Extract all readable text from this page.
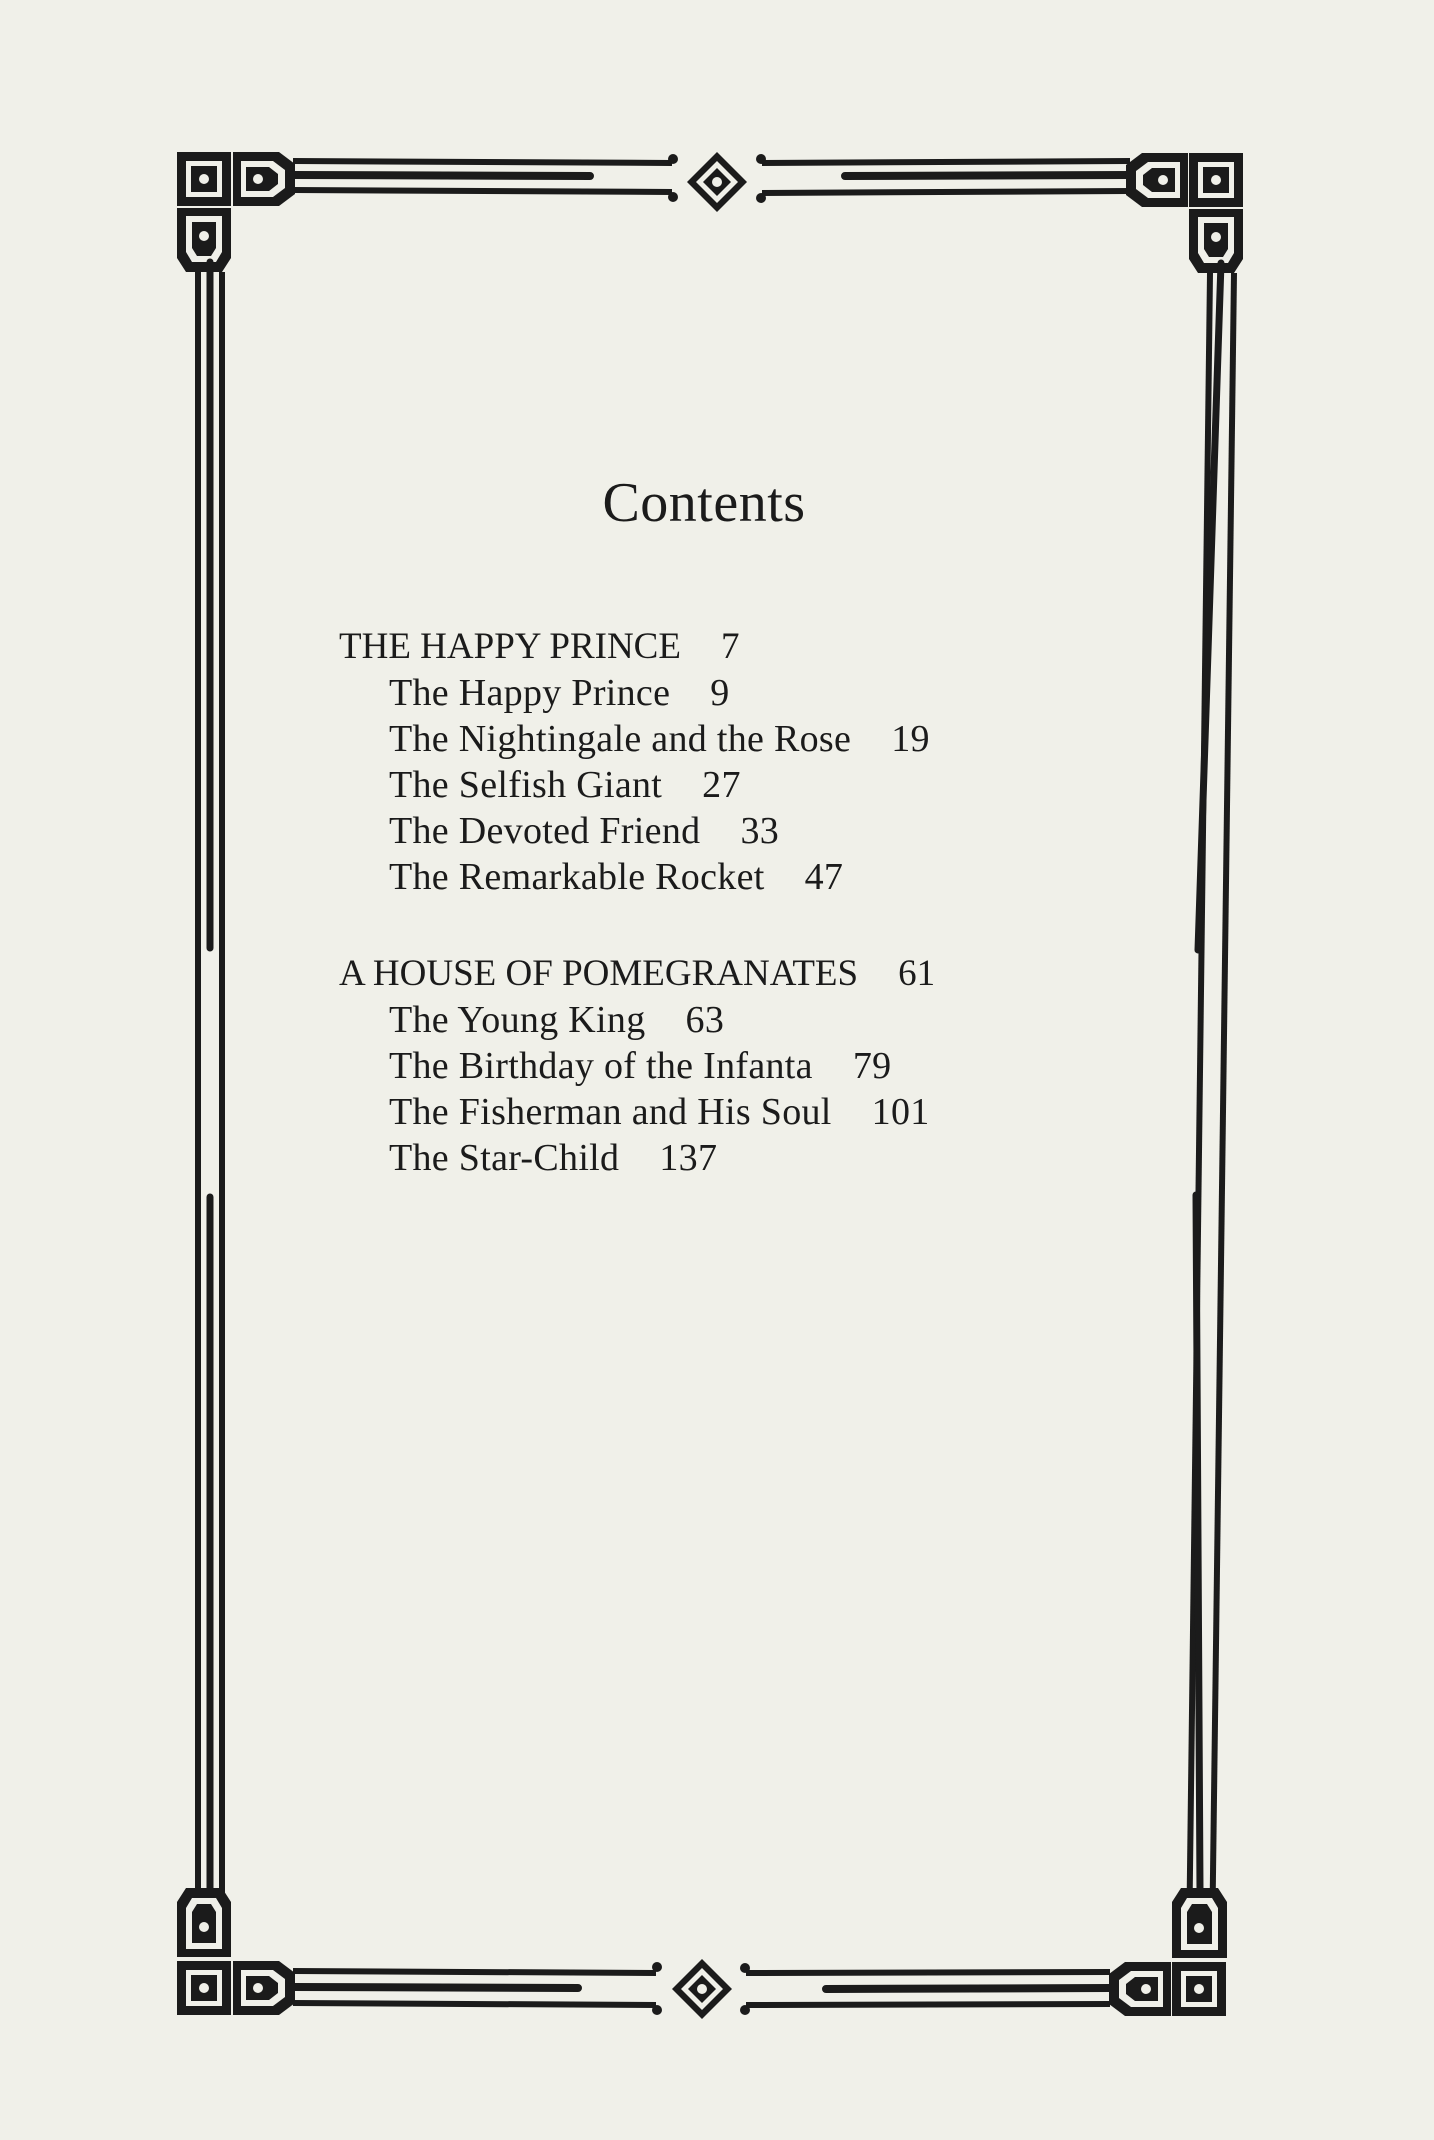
Contents
THE HAPPY PRINCE 7
The Happy Prince 9
The Nightingale and the Rose 19
The Selfish Giant 27
The Devoted Friend 33
The Remarkable Rocket 47
A HOUSE OF POMEGRANATES 61
The Young King 63
The Birthday of the Infanta 79
The Fisherman and His Soul 101
The Star-Child 137
